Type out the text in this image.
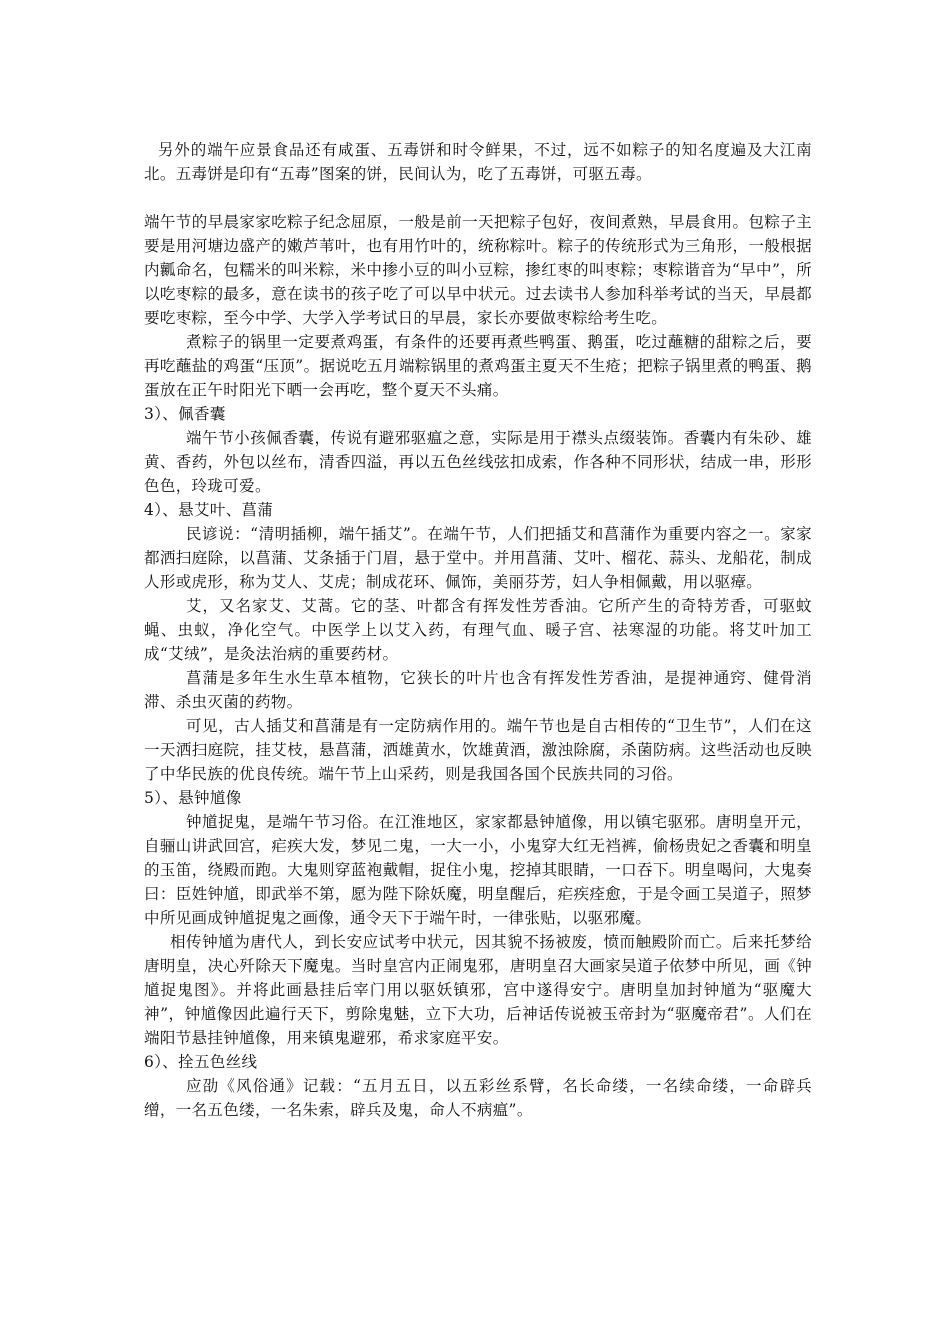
另外的端午应景食品还有咸蛋、五毒饼和时令鲜果，不过，远不如粽子的知名度遍及大江南北。五毒饼是印有“五毒”图案的饼，民间认为，吃了五毒饼，可驱五毒。

端午节的早晨家家吃粽子纪念屈原，一般是前一天把粽子包好，夜间煮熟，早晨食用。包粽子主要是用河塘边盛产的嫩芦苇叶，也有用竹叶的，统称粽叶。粽子的传统形式为三角形，一般根据内瓤命名，包糯米的叫米粽，米中掺小豆的叫小豆粽，掺红枣的叫枣粽；枣粽谐音为“早中”，所以吃枣粽的最多，意在读书的孩子吃了可以早中状元。过去读书人参加科举考试的当天，早晨都要吃枣粽，至今中学、大学入学考试日的早晨，家长亦要做枣粽给考生吃。

煮粽子的锅里一定要煮鸡蛋，有条件的还要再煮些鸭蛋、鹅蛋，吃过蘸糖的甜粽之后，要再吃蘸盐的鸡蛋“压顶”。据说吃五月端粽锅里的煮鸡蛋主夏天不生疮；把粽子锅里煮的鸭蛋、鹅蛋放在正午时阳光下晒一会再吃，整个夏天不头痛。

3）、佩香囊

端午节小孩佩香囊，传说有避邪驱瘟之意，实际是用于襟头点缀装饰。香囊内有朱砂、雄黄、香药，外包以丝布，清香四溢，再以五色丝线弦扣成索，作各种不同形状，结成一串，形形色色，玲珑可爱。

4）、悬艾叶、菖蒲

民谚说：“清明插柳，端午插艾”。在端午节，人们把插艾和菖蒲作为重要内容之一。家家都洒扫庭除，以菖蒲、艾条插于门眉，悬于堂中。并用菖蒲、艾叶、榴花、蒜头、龙船花，制成人形或虎形，称为艾人、艾虎；制成花环、佩饰，美丽芬芳，妇人争相佩戴，用以驱瘴。

艾，又名家艾、艾蒿。它的茎、叶都含有挥发性芳香油。它所产生的奇特芳香，可驱蚊蝇、虫蚁，净化空气。中医学上以艾入药，有理气血、暖子宫、祛寒湿的功能。将艾叶加工成“艾绒”，是灸法治病的重要药材。

菖蒲是多年生水生草本植物，它狭长的叶片也含有挥发性芳香油，是提神通窍、健骨消滞、杀虫灭菌的药物。

可见，古人插艾和菖蒲是有一定防病作用的。端午节也是自古相传的“卫生节”，人们在这一天洒扫庭院，挂艾枝，悬菖蒲，洒雄黄水，饮雄黄酒，激浊除腐，杀菌防病。这些活动也反映了中华民族的优良传统。端午节上山采药，则是我国各国个民族共同的习俗。

5）、悬钟馗像

钟馗捉鬼，是端午节习俗。在江淮地区，家家都悬钟馗像，用以镇宅驱邪。唐明皇开元，自骊山讲武回宫，疟疾大发，梦见二鬼，一大一小，小鬼穿大红无裆裤，偷杨贵妃之香囊和明皇的玉笛，绕殿而跑。大鬼则穿蓝袍戴帽，捉住小鬼，挖掉其眼睛，一口吞下。明皇喝问，大鬼奏曰：臣姓钟馗，即武举不第，愿为陛下除妖魔，明皇醒后，疟疾痊愈，于是令画工吴道子，照梦中所见画成钟馗捉鬼之画像，通令天下于端午时，一律张贴，以驱邪魔。

相传钟馗为唐代人，到长安应试考中状元，因其貌不扬被废，愤而触殿阶而亡。后来托梦给唐明皇，决心歼除天下魔鬼。当时皇宫内正闹鬼邪，唐明皇召大画家吴道子依梦中所见，画《钟馗捉鬼图》。并将此画悬挂后宰门用以驱妖镇邪，宫中遂得安宁。唐明皇加封钟馗为“驱魔大神”，钟馗像因此遍行天下，剪除鬼魅，立下大功，后神话传说被玉帝封为“驱魔帝君”。人们在端阳节悬挂钟馗像，用来镇鬼避邪，希求家庭平安。

6）、拴五色丝线

应劭《风俗通》记载：“五月五日，以五彩丝系臂，名长命缕，一名续命缕，一命辟兵缯，一名五色缕，一名朱索，辟兵及鬼，命人不病瘟”。
